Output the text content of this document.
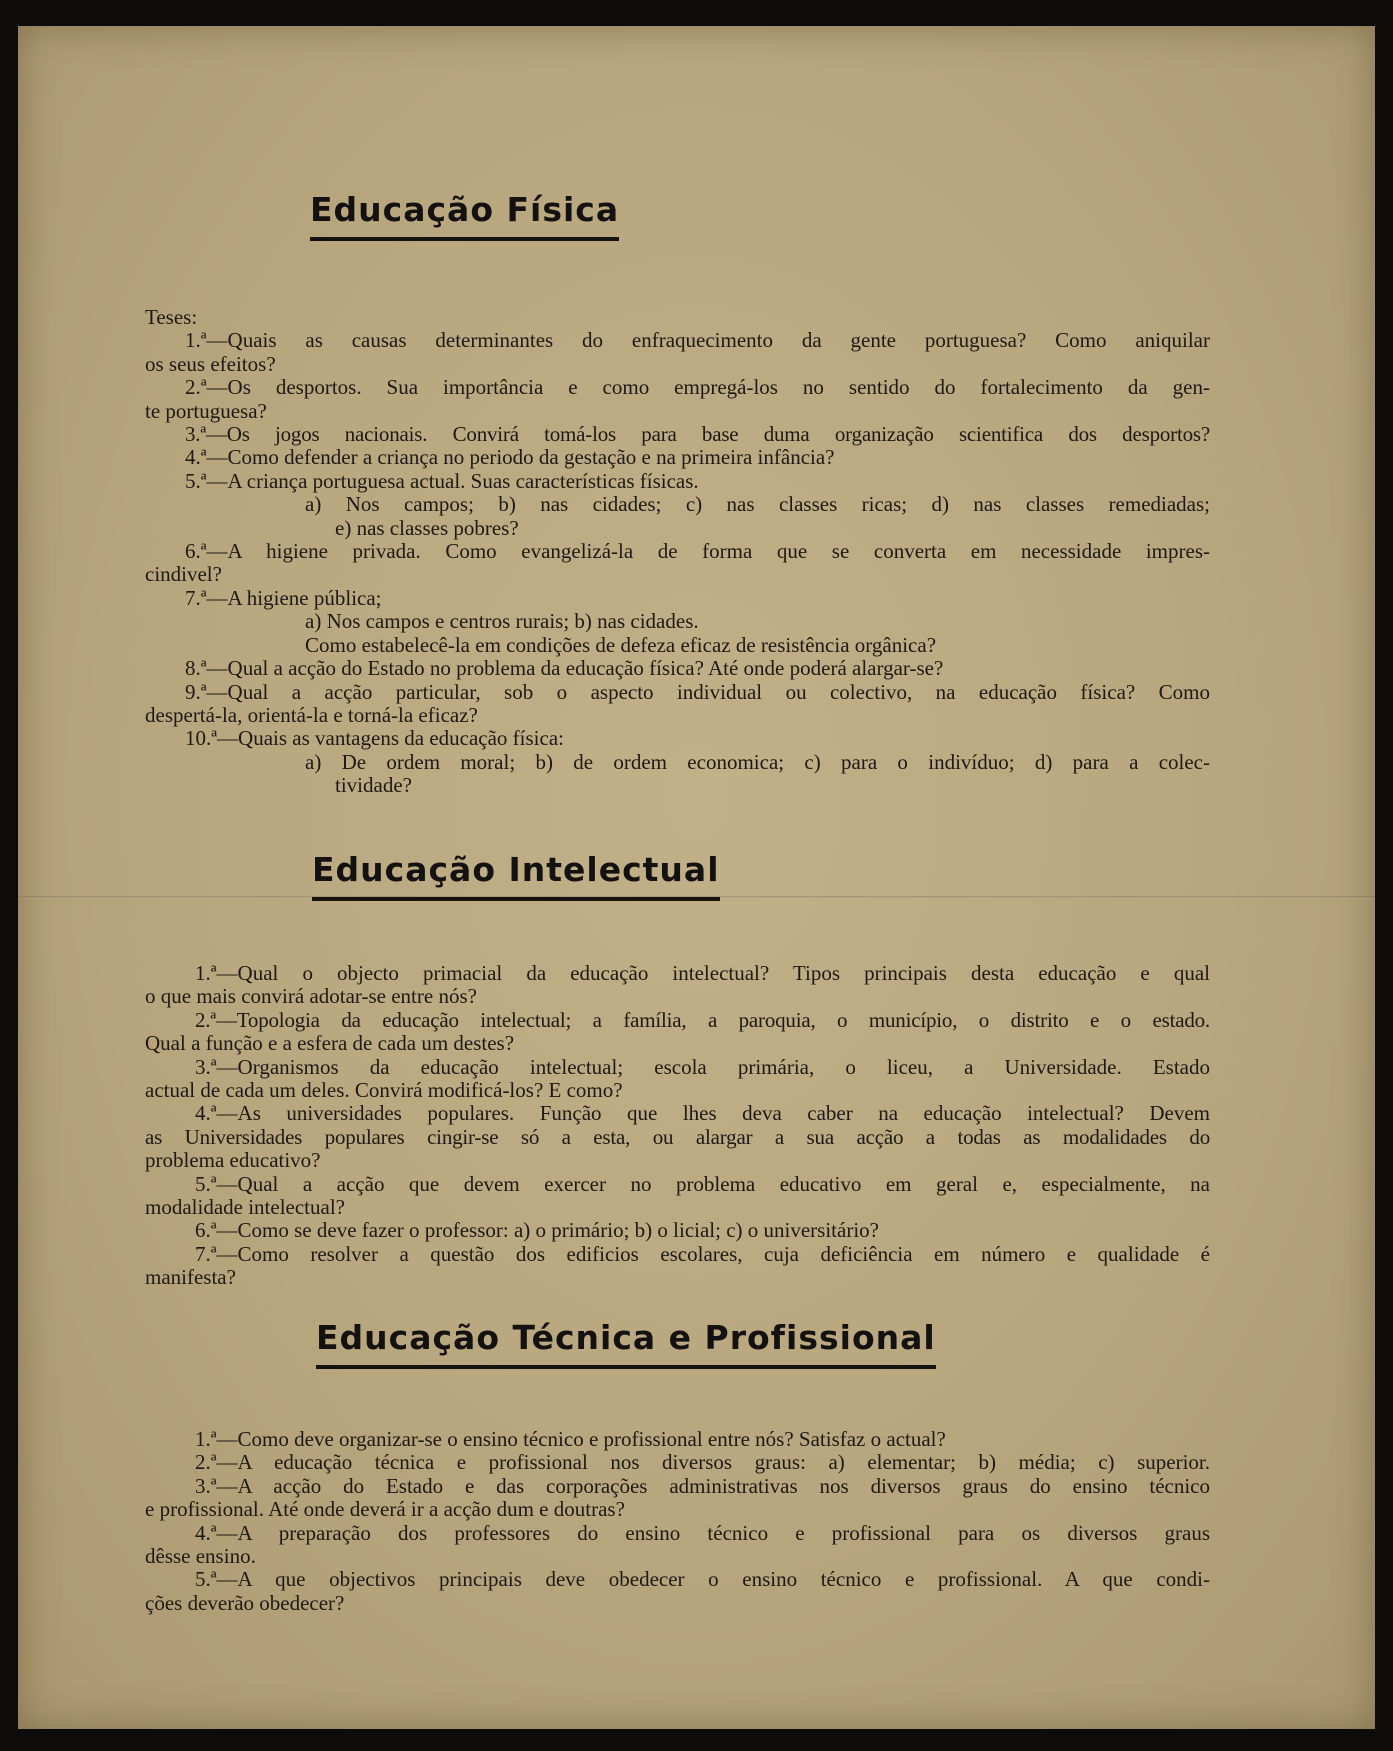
Educação Física
Teses:
1.ª—Quais as causas determinantes do enfraquecimento da gente portuguesa? Como aniquilar
os seus efeitos?
2.ª—Os desportos. Sua importância e como empregá-los no sentido do fortalecimento da gen-
te portuguesa?
3.ª—Os jogos nacionais. Convirá tomá-los para base duma organização scientifica dos desportos?
4.ª—Como defender a criança no periodo da gestação e na primeira infância?
5.ª—A criança portuguesa actual. Suas características físicas.
a) Nos campos; b) nas cidades; c) nas classes ricas; d) nas classes remediadas;
e) nas classes pobres?
6.ª—A higiene privada. Como evangelizá-la de forma que se converta em necessidade impres-
cindivel?
7.ª—A higiene pública;
a) Nos campos e centros rurais; b) nas cidades.
Como estabelecê-la em condições de defeza eficaz de resistência orgânica?
8.ª—Qual a acção do Estado no problema da educação física? Até onde poderá alargar-se?
9.ª—Qual a acção particular, sob o aspecto individual ou colectivo, na educação física? Como
despertá-la, orientá-la e torná-la eficaz?
10.ª—Quais as vantagens da educação física:
a) De ordem moral; b) de ordem economica; c) para o indivíduo; d) para a colec-
tividade?
Educação Intelectual
1.ª—Qual o objecto primacial da educação intelectual? Tipos principais desta educação e qual
o que mais convirá adotar-se entre nós?
2.ª—Topologia da educação intelectual; a família, a paroquia, o município, o distrito e o estado.
Qual a função e a esfera de cada um destes?
3.ª—Organismos da educação intelectual; escola primária, o liceu, a Universidade. Estado
actual de cada um deles. Convirá modificá-los? E como?
4.ª—As universidades populares. Função que lhes deva caber na educação intelectual? Devem
as Universidades populares cingir-se só a esta, ou alargar a sua acção a todas as modalidades do
problema educativo?
5.ª—Qual a acção que devem exercer no problema educativo em geral e, especialmente, na
modalidade intelectual?
6.ª—Como se deve fazer o professor: a) o primário; b) o licial; c) o universitário?
7.ª—Como resolver a questão dos edificios escolares, cuja deficiência em número e qualidade é
manifesta?
Educação Técnica e Profissional
1.ª—Como deve organizar-se o ensino técnico e profissional entre nós? Satisfaz o actual?
2.ª—A educação técnica e profissional nos diversos graus: a) elementar; b) média; c) superior.
3.ª—A acção do Estado e das corporações administrativas nos diversos graus do ensino técnico
e profissional. Até onde deverá ir a acção dum e doutras?
4.ª—A preparação dos professores do ensino técnico e profissional para os diversos graus
dêsse ensino.
5.ª—A que objectivos principais deve obedecer o ensino técnico e profissional. A que condi-
ções deverão obedecer?
